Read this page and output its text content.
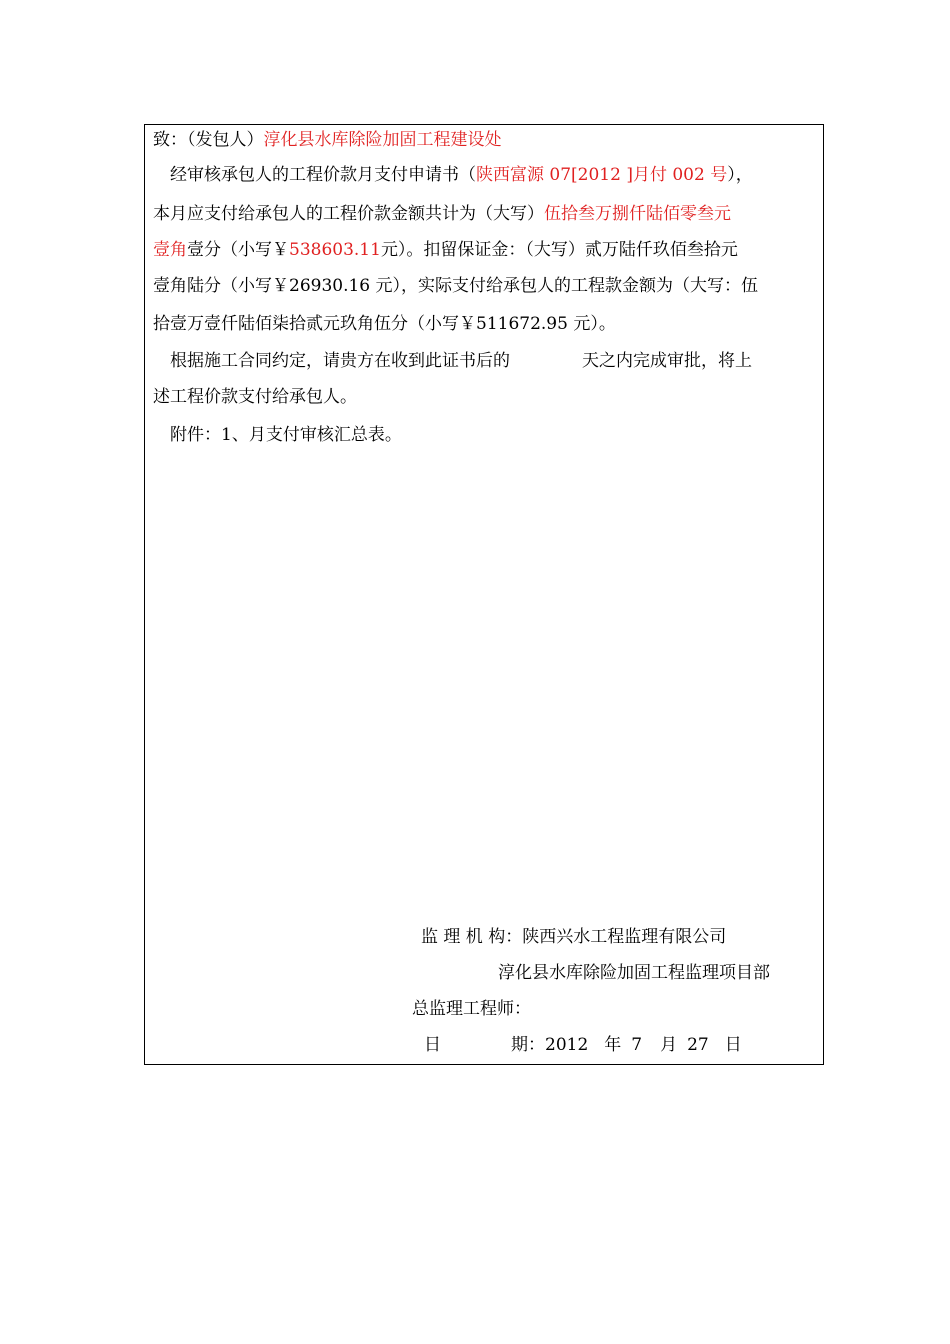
致：（发包人）淳化县水库除险加固工程建设处
经审核承包人的工程价款月支付申请书（陕西富源 07[2012 ]月付 002 号），
本月应支付给承包人的工程价款金额共计为（大写）伍拾叁万捌仟陆佰零叁元
壹角壹分（小写￥538603.11元）。扣留保证金：（大写）贰万陆仟玖佰叁拾元
壹角陆分（小写￥26930.16 元），实际支付给承包人的工程款金额为（大写：伍
拾壹万壹仟陆佰柒拾贰元玖角伍分（小写￥511672.95 元）。
根据施工合同约定，请贵方在收到此证书后的	天之内完成审批，将上
述工程价款支付给承包人。
附件：1、月支付审核汇总表。
监 理 机 构：陕西兴水工程监理有限公司
淳化县水库除险加固工程监理项目部
总监理工程师：
日	期：2012 年 7 月 27 日
